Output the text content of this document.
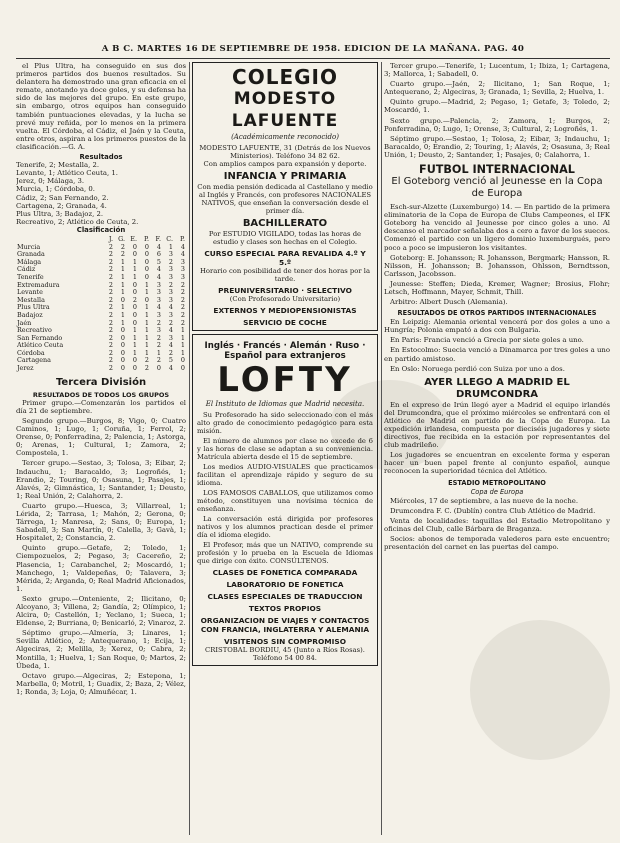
A B C. MARTES 16 DE SEPTIEMBRE DE 1958. EDICION DE LA MAÑANA. PAG. 40

el Plus Ultra, ha conseguido en sus dos primeros partidos dos buenos resultados. Su delantera ha demostrado una gran eficacia en el remate, anotando ya doce goles, y su defensa ha sido de las mejores del grupo. En este grupo, sin embargo, otros equipos han conseguido también puntuaciones elevadas, y la lucha se prevé muy reñida, por lo menos en la primera vuelta. El Córdoba, el Cádiz, el Jaén y la Ceuta, entre otros, aspiran a los primeros puestos de la clasificación.—G. A.

Resultados
Tenerife, 2; Mestalla, 2.
Levante, 1; Atlético Ceuta, 1.
Jerez, 0; Málaga, 3.
Murcia, 1; Córdoba, 0.
Cádiz, 2; San Fernando, 2.
Cartagena, 2; Granada, 4.
Plus Ultra, 3; Badajoz, 2.
Recreativo, 2; Atlético de Ceuta, 2.
Clasificación
	J.	G.	E.	P.	F.	C.	P.
Murcia	2	2	0	0	4	1	4
Granada	2	2	0	0	6	3	4
Málaga	2	1	1	0	5	2	3
Cádiz	2	1	1	0	4	3	3
Tenerife	2	1	1	0	4	3	3
Extremadura	2	1	0	1	3	2	2
Levante	2	1	0	1	3	3	2
Mestalla	2	0	2	0	3	3	2
Plus Ultra	2	1	0	1	4	4	2
Badajoz	2	1	0	1	3	3	2
Jaén	2	1	0	1	2	2	2
Recreativo	2	0	1	1	3	4	1
San Fernando	2	0	1	1	2	3	1
Atlético Ceuta	2	0	1	1	2	4	1
Córdoba	2	0	1	1	1	2	1
Cartagena	2	0	0	2	2	5	0
Jerez	2	0	0	2	0	4	0
Tercera División
RESULTADOS DE TODOS LOS GRUPOS

Primer grupo.—Comenzarán los partidos el día 21 de septiembre.

Segundo grupo.—Burgos, 8; Vigo, 0; Cuatro Caminos, 1; Lugo, 1; Coruña, 1; Ferrol, 2; Orense, 0; Ponferradina, 2; Palencia, 1; Astorga, 0; Arenas, 1; Cultural, 1; Zamora, 2; Compostela, 1.

Tercer grupo.—Sestao, 3; Tolosa, 3; Eibar, 2; Indauchu, 1; Baracaldo, 3; Logroñés, 1; Erandio, 2; Touring, 0; Osasuna, 1; Pasajes, 1; Alavés, 2; Gimnástica, 1; Santander, 1; Deusto, 1; Real Unión, 2; Calahorra, 2.

Cuarto grupo.—Huesca, 3; Villarreal, 1; Lérida, 2; Tarrasa, 1; Mahón, 2; Gerona, 0; Tárrega, 1; Manresa, 2; Sans, 0; Europa, 1; Sabadell, 3; San Martín, 0; Calella, 3; Gavà, 1; Hospitalet, 2; Constancia, 2.

Quinto grupo.—Getafe, 2; Toledo, 1; Ciempozuelos, 2; Pegaso, 3; Cacereño, 2; Plasencia, 1; Carabanchel, 2; Moscardó, 1; Manchego, 1; Valdepeñas, 0; Talavera, 3; Mérida, 2; Arganda, 0; Real Madrid Aficionados, 1.

Sexto grupo.—Onteniente, 2; Ilicitano, 0; Alcoyano, 3; Villena, 2; Gandía, 2; Olímpico, 1; Alcira, 0; Castellón, 1; Yeclano, 1; Sueca, 1; Eldense, 2; Burriana, 0; Benicarló, 2; Vinaroz, 2.

Séptimo grupo.—Almería, 3; Linares, 1; Sevilla Atlético, 2; Antequerano, 1; Ecija, 1; Algeciras, 2; Melilla, 3; Xerez, 0; Cabra, 2; Montilla, 1; Huelva, 1; San Roque, 0; Martos, 2; Úbeda, 1.

Octavo grupo.—Algeciras, 2; Estepona, 1; Marbella, 0; Motril, 1; Guadix, 2; Baza, 2; Vélez, 1; Ronda, 3; Loja, 0; Almuñécar, 1.

COLEGIO
MODESTO LAFUENTE
(Académicamente reconocido)
MODESTO LAFUENTE, 31 (Detrás de los Nuevos Ministerios). Teléfono 34 82 62.
Con amplios campos para expansión y deporte.
INFANCIA Y PRIMARIA
Con media pensión dedicada al Castellano y medio al Inglés y Francés, con profesores NACIONALES NATIVOS, que enseñan la conversación desde el primer día.
BACHILLERATO
Por ESTUDIO VIGILADO, todas las horas de estudio y clases son hechas en el Colegio.
CURSO ESPECIAL PARA REVALIDA 4.º Y 5.º
Horario con posibilidad de tener dos horas por la tarde.
PREUNIVERSITARIO · SELECTIVO
(Con Profesorado Universitario)
EXTERNOS Y MEDIOPENSIONISTAS
SERVICIO DE COCHE
Inglés · Francés · Alemán · Ruso · Español para extranjeros
LOFTY
El Instituto de Idiomas que Madrid necesita.

Su Profesorado ha sido seleccionado con el más alto grado de conocimiento pedagógico para esta misión.

El número de alumnos por clase no excede de 6 y las horas de clase se adaptan a su conveniencia. Matrícula abierta desde el 15 de septiembre.

Los medios AUDIO-VISUALES que practicamos facilitan el aprendizaje rápido y seguro de su idioma.

LOS FAMOSOS CABALLOS, que utilizamos como método, constituyen una novísima técnica de enseñanza.

La conversación está dirigida por profesores nativos y los alumnos practican desde el primer día el idioma elegido.

El Profesor, más que un NATIVO, comprende su profesión y lo prueba en la Escuela de Idiomas que dirige con éxito. CONSÚLTENOS.

CLASES DE FONETICA COMPARADA
LABORATORIO DE FONETICA
CLASES ESPECIALES DE TRADUCCION
TEXTOS PROPIOS
ORGANIZACION DE VIAJES Y CONTACTOS CON FRANCIA, INGLATERRA Y ALEMANIA
VISITENOS SIN COMPROMISO
CRISTOBAL BORDIU, 45 (Junto a Ríos Rosas). Teléfono 54 00 84.

Tercer grupo.—Tenerife, 1; Lucentum, 1; Ibiza, 1; Cartagena, 3; Mallorca, 1; Sabadell, 0.

Cuarto grupo.—Jaén, 2; Ilicitano, 1; San Roque, 1; Antequerano, 2; Algeciras, 3; Granada, 1; Sevilla, 2; Huelva, 1.

Quinto grupo.—Madrid, 2; Pegaso, 1; Getafe, 3; Toledo, 2; Moscardó, 1.

Sexto grupo.—Palencia, 2; Zamora, 1; Burgos, 2; Ponferradina, 0; Lugo, 1; Orense, 3; Cultural, 2; Logroñés, 1.

Séptimo grupo.—Sestao, 1; Tolosa, 2; Eibar, 3; Indauchu, 1; Baracaldo, 0; Erandio, 2; Touring, 1; Alavés, 2; Osasuna, 3; Real Unión, 1; Deusto, 2; Santander, 1; Pasajes, 0; Calahorra, 1.

FUTBOL INTERNACIONAL
El Goteborg venció al Jeunesse en la Copa de Europa

Esch-sur-Alzette (Luxemburgo) 14. — En partido de la primera eliminatoria de la Copa de Europa de Clubs Campeones, el IFK Goteborg ha vencido al Jeunesse por cinco goles a uno. Al descanso el marcador señalaba dos a cero a favor de los suecos. Comenzó el partido con un ligero dominio luxemburgués, pero poco a poco se impusieron los visitantes.

Goteborg: E. Johansson; R. Johansson, Bergmark; Hansson, R. Nilsson, H. Johansson; B. Johansson, Ohlsson, Berndtsson, Carlsson, Jacobsson.

Jeunesse: Steffen; Dieda, Kremer, Wagner; Brosius, Flohr; Letsch, Hoffmann, Mayer, Schmit, Thill.

Arbitro: Albert Dusch (Alemania).

RESULTADOS DE OTROS PARTIDOS INTERNACIONALES

En Leipzig: Alemania oriental vencerá por dos goles a uno a Hungría; Polonia empató a dos con Bulgaria.

En Paris: Francia venció a Grecia por siete goles a uno.

En Estocolmo: Suecia venció a Dinamarca por tres goles a uno en partido amistoso.

En Oslo: Noruega perdió con Suiza por uno a dos.

AYER LLEGO A MADRID EL DRUMCONDRA

En el expreso de Irún llegó ayer a Madrid el equipo irlandés del Drumcondra, que el próximo miércoles se enfrentará con el Atlético de Madrid en partido de la Copa de Europa. La expedición irlandesa, compuesta por dieciséis jugadores y siete directivos, fue recibida en la estación por representantes del club madrileño.

Los jugadores se encuentran en excelente forma y esperan hacer un buen papel frente al conjunto español, aunque reconocen la superioridad técnica del Atlético.

ESTADIO METROPOLITANO
Copa de Europa

Miércoles, 17 de septiembre, a las nueve de la noche.

Drumcondra F. C. (Dublín) contra Club Atlético de Madrid.

Venta de localidades: taquillas del Estadio Metropolitano y oficinas del Club, calle Bárbara de Braganza.

Socios: abonos de temporada valederos para este encuentro; presentación del carnet en las puertas del campo.
